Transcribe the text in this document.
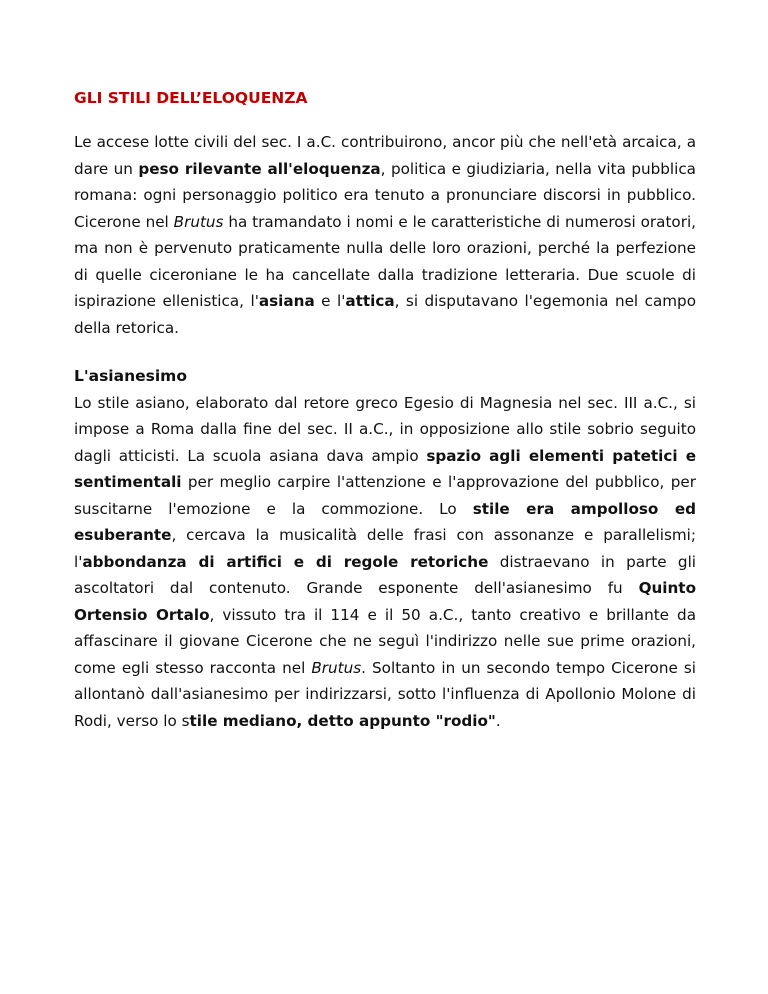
GLI STILI DELL’ELOQUENZA

Le accese lotte civili del sec. I a.C. contribuirono, ancor più che nell'età arcaica, a dare un peso rilevante all'eloquenza, politica e giudiziaria, nella vita pubblica romana: ogni personaggio politico era tenuto a pronunciare discorsi in pubblico. Cicerone nel Brutus ha tramandato i nomi e le caratteristiche di numerosi oratori, ma non è pervenuto praticamente nulla delle loro orazioni, perché la perfezione di quelle ciceroniane le ha cancellate dalla tradizione letteraria. Due scuole di ispirazione ellenistica, l'asiana e l'attica, si disputavano l'egemonia nel campo della retorica.

L'asianesimo

Lo stile asiano, elaborato dal retore greco Egesio di Magnesia nel sec. III a.C., si impose a Roma dalla fine del sec. II a.C., in opposizione allo stile sobrio seguito dagli atticisti. La scuola asiana dava ampio spazio agli elementi patetici e sentimentali per meglio carpire l'attenzione e l'approvazione del pubblico, per suscitarne l'emozione e la commozione. Lo stile era ampolloso ed esuberante, cercava la musicalità delle frasi con assonanze e parallelismi; l'abbondanza di artifici e di regole retoriche distraevano in parte gli ascoltatori dal contenuto. Grande esponente dell'asianesimo fu Quinto Ortensio Ortalo, vissuto tra il 114 e il 50 a.C., tanto creativo e brillante da affascinare il giovane Cicerone che ne seguì l'indirizzo nelle sue prime orazioni, come egli stesso racconta nel Brutus. Soltanto in un secondo tempo Cicerone si allontanò dall'asianesimo per indirizzarsi, sotto l'influenza di Apollonio Molone di Rodi, verso lo stile mediano, detto appunto "rodio".
